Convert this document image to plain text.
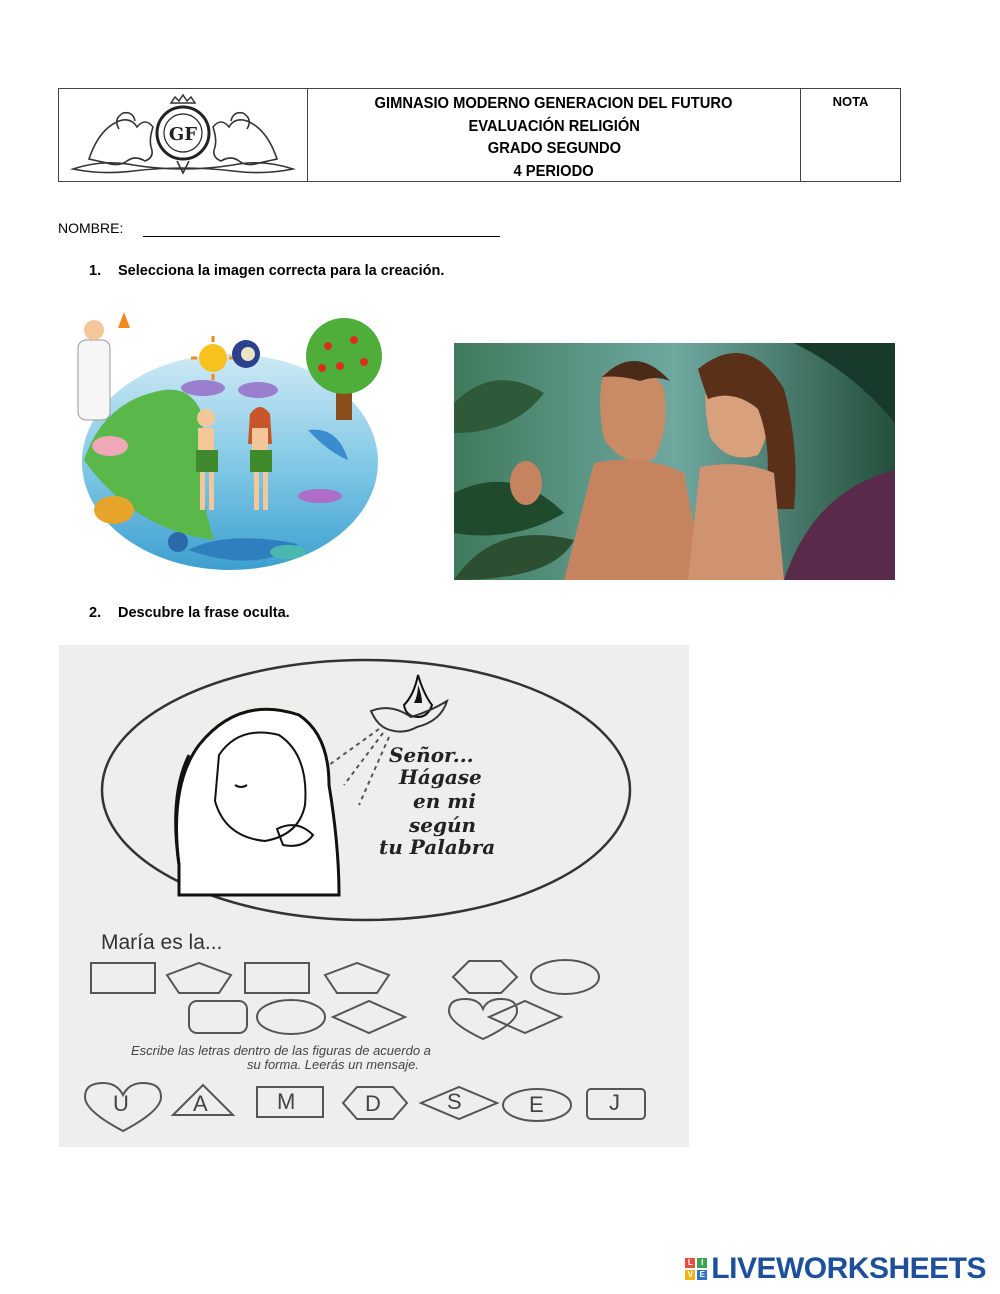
GF
GIMNASIO MODERNO GENERACION DEL FUTURO
EVALUACIÓN RELIGIÓN
GRADO SEGUNDO
4 PERIODO
NOTA
NOMBRE:
1.	Selecciona la imagen correcta para la creación.
2.	Descubre la frase oculta.
Señor...
Hágase
en mi
según
tu Palabra
María es la...
Escribe las letras dentro de las figuras de acuerdo a
su forma. Leerás un mensaje.
U	A	M	D	S	E	J
L	I
V E LIVEWORKSHEETS
